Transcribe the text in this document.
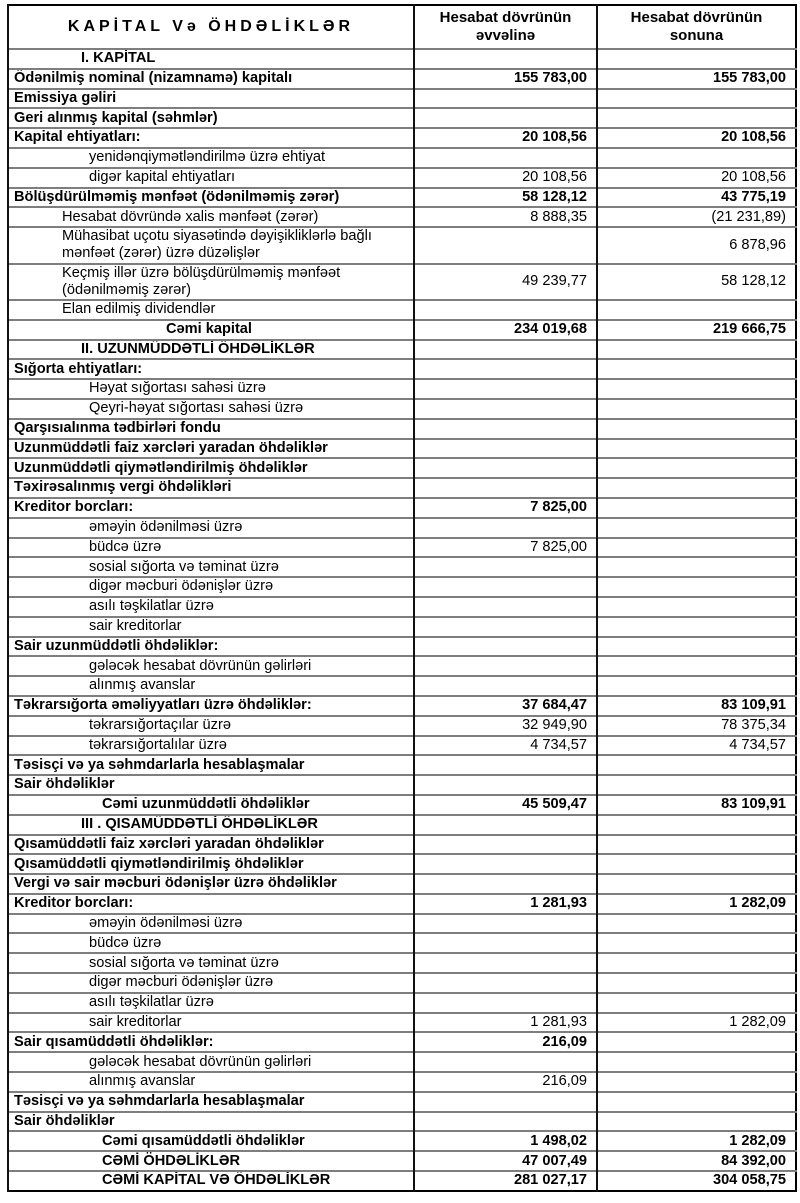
KAPİTAL Və ÖHDƏLİKLƏR	Hesabat dövrünün əvvəlinə	Hesabat dövrünün sonuna
I. KAPİTAL		
Ödənilmiş nominal (nizamnamə) kapitalı	155 783,00	155 783,00
Emissiya gəliri		
Geri alınmış kapital (səhmlər)		
Kapital ehtiyatları:	20 108,56	20 108,56
yenidənqiymətləndirilmə üzrə ehtiyat		
digər kapital ehtiyatları	20 108,56	20 108,56
Bölüşdürülməmiş mənfəət (ödənilməmiş zərər)	58 128,12	43 775,19
Hesabat dövründə xalis mənfəət (zərər)	8 888,35	(21 231,89)
Mühasibat uçotu siyasətində dəyişikliklərlə bağlı mənfəət (zərər) üzrə düzəlişlər		6 878,96
Keçmiş illər üzrə bölüşdürülməmiş mənfəət (ödənilməmiş zərər)	49 239,77	58 128,12
Elan edilmiş dividendlər		
Cəmi kapital	234 019,68	219 666,75
II. UZUNMÜDDƏTLİ ÖHDƏLİKLƏR		
Sığorta ehtiyatları:		
Həyat sığortası sahəsi üzrə		
Qeyri-həyat sığortası sahəsi üzrə		
Qarşısıalınma tədbirləri fondu		
Uzunmüddətli faiz xərcləri yaradan öhdəliklər		
Uzunmüddətli qiymətləndirilmiş öhdəliklər		
Təxirəsalınmış vergi öhdəlikləri		
Kreditor borcları:	7 825,00	
əməyin ödənilməsi üzrə		
büdcə üzrə	7 825,00	
sosial sığorta və təminat üzrə		
digər məcburi ödənişlər üzrə		
asılı təşkilatlar üzrə		
sair kreditorlar		
Sair uzunmüddətli öhdəliklər:		
gələcək hesabat dövrünün gəlirləri		
alınmış avanslar		
Təkrarsığorta əməliyyatları üzrə öhdəliklər:	37 684,47	83 109,91
təkrarsığortaçılar üzrə	32 949,90	78 375,34
təkrarsığortalılar üzrə	4 734,57	4 734,57
Təsisçi və ya səhmdarlarla hesablaşmalar		
Sair öhdəliklər		
Cəmi uzunmüddətli öhdəliklər	45 509,47	83 109,91
III . QISAMÜDDƏTLİ ÖHDƏLİKLƏR		
Qısamüddətli faiz xərcləri yaradan öhdəliklər		
Qısamüddətli qiymətləndirilmiş öhdəliklər		
Vergi və sair məcburi ödənişlər üzrə öhdəliklər		
Kreditor borcları:	1 281,93	1 282,09
əməyin ödənilməsi üzrə		
büdcə üzrə		
sosial sığorta və təminat üzrə		
digər məcburi ödənişlər üzrə		
asılı təşkilatlar üzrə		
sair kreditorlar	1 281,93	1 282,09
Sair qısamüddətli öhdəliklər:	216,09	
gələcək hesabat dövrünün gəlirləri		
alınmış avanslar	216,09	
Təsisçi və ya səhmdarlarla hesablaşmalar		
Sair öhdəliklər		
Cəmi qısamüddətli öhdəliklər	1 498,02	1 282,09
CƏMİ ÖHDƏLİKLƏR	47 007,49	84 392,00
CƏMİ KAPİTAL VƏ ÖHDƏLİKLƏR	281 027,17	304 058,75
